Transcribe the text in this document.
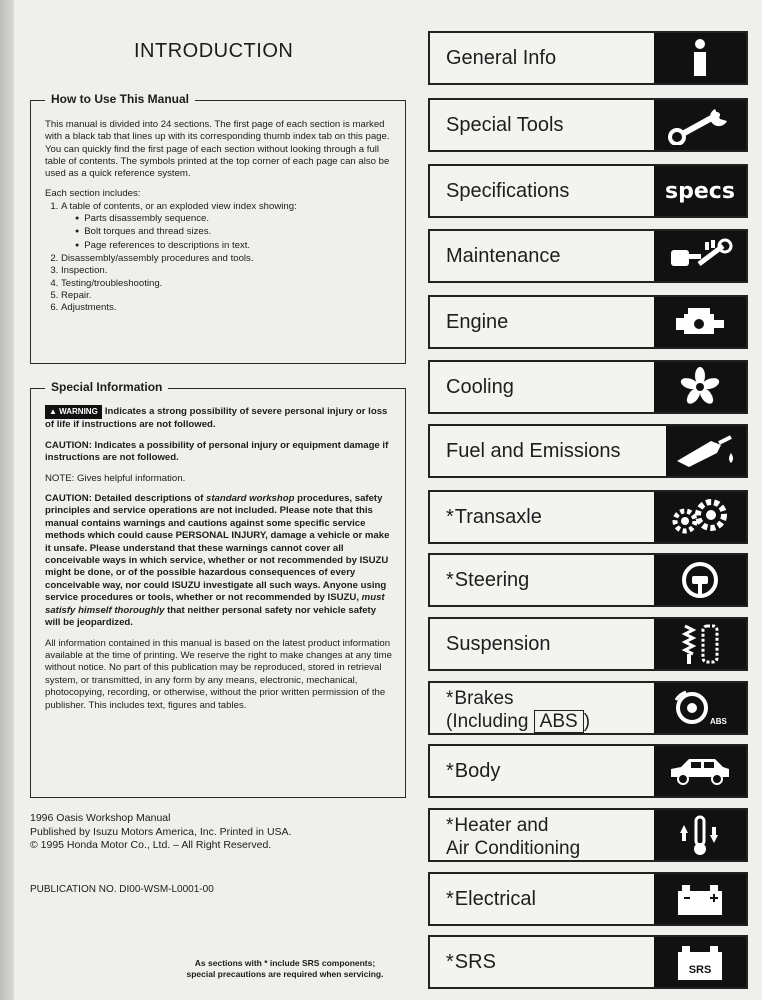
INTRODUCTION
How to Use This Manual

This manual is divided into 24 sections. The first page of each section is marked with a black tab that lines up with its corresponding thumb index tab on this page. You can quickly find the first page of each section without looking through a full table of contents. The symbols printed at the top corner of each page can also be used as a quick reference system.

Each section includes:
1. A table of contents, or an exploded view index showing:
● Parts disassembly sequence.
● Bolt torques and thread sizes.
● Page references to descriptions in text.
2. Disassembly/assembly procedures and tools.
3. Inspection.
4. Testing/troubleshooting.
5. Repair.
6. Adjustments.
Special Information

▲ WARNING Indicates a strong possibility of severe personal injury or loss of life if instructions are not followed.

CAUTION: Indicates a possibility of personal injury or equipment damage if instructions are not followed.

NOTE: Gives helpful information.

CAUTION: Detailed descriptions of standard workshop procedures, safety principles and service operations are not included. Please note that this manual contains warnings and cautions against some specific service methods which could cause PERSONAL INJURY, damage a vehicle or make it unsafe. Please understand that these warnings cannot cover all conceivable ways in which service, whether or not recommended by ISUZU might be done, or of the possible hazardous consequences of every conceivable way, nor could ISUZU investigate all such ways. Anyone using service procedures or tools, whether or not recommended by ISUZU, must satisfy himself thoroughly that neither personal safety nor vehicle safety will be jeopardized.

All information contained in this manual is based on the latest product information available at the time of printing. We reserve the right to make changes at any time without notice. No part of this publication may be reproduced, stored in retrieval system, or transmitted, in any form by any means, electronic, mechanical, photocopying, recording, or otherwise, without the prior written permission of the publisher. This includes text, figures and tables.

1996 Oasis Workshop Manual
Published by Isuzu Motors America, Inc. Printed in USA.
© 1995 Honda Motor Co., Ltd. – All Right Reserved.
PUBLICATION NO. DI00-WSM-L0001-00
As sections with * include SRS components;
special precautions are required when servicing.
General Info
Special Tools
Specifications	specs
Maintenance
Engine
Cooling
Fuel and Emissions
* Transaxle
* Steering
Suspension
*Brakes
(Including ABS )	ABS
* Body
*Heater and
Air Conditioning
* Electrical
* SRS	SRS
